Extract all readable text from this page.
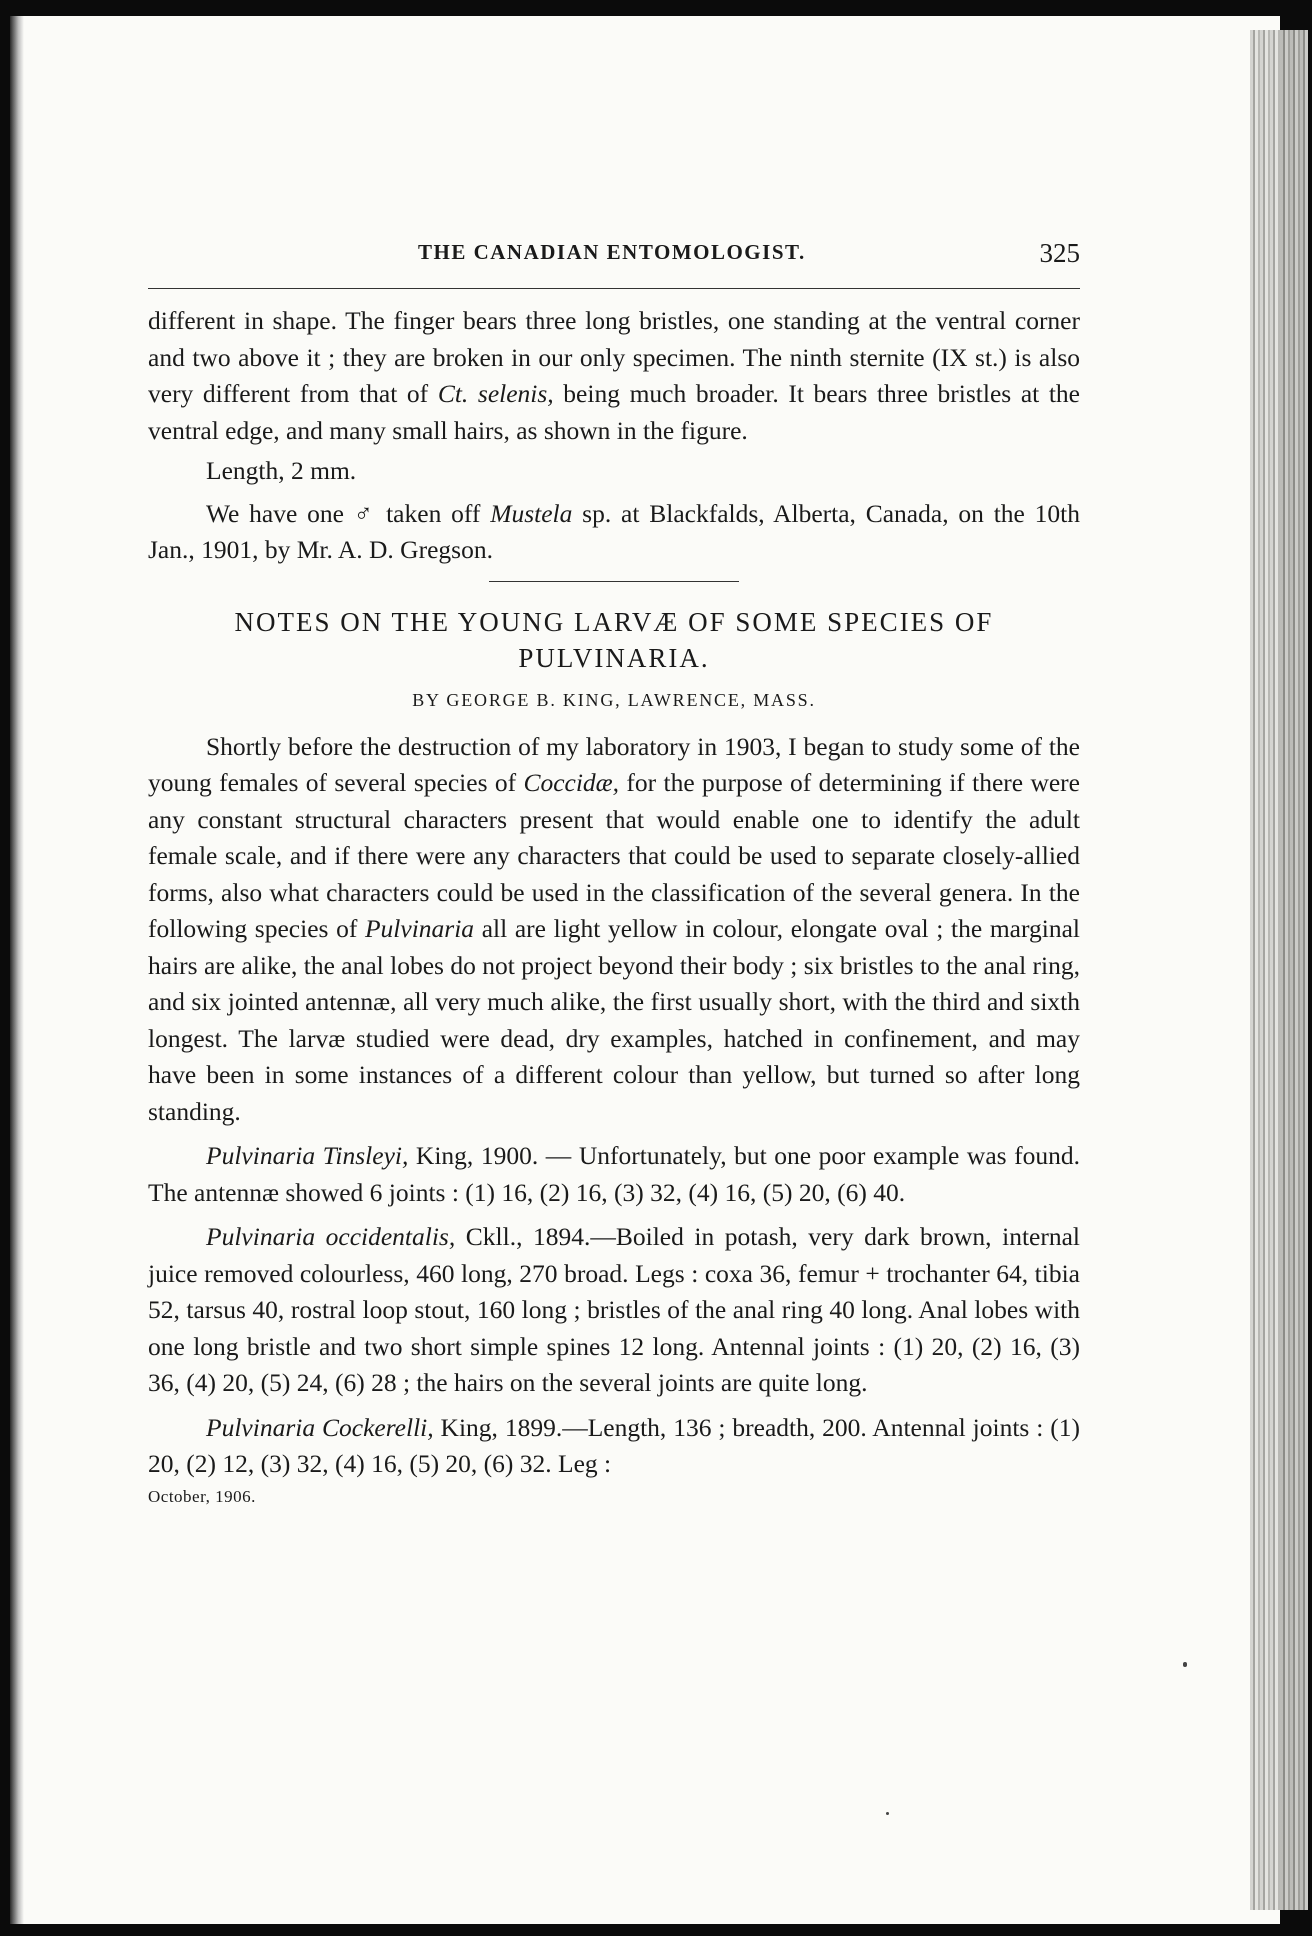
THE CANADIAN ENTOMOLOGIST.	325

different in shape. The finger bears three long bristles, one standing at the ventral corner and two above it ; they are broken in our only specimen. The ninth sternite (IX st.) is also very different from that of Ct. selenis, being much broader. It bears three bristles at the ventral edge, and many small hairs, as shown in the figure.

Length, 2 mm.

We have one ♂ taken off Mustela sp. at Blackfalds, Alberta, Canada, on the 10th Jan., 1901, by Mr. A. D. Gregson.

NOTES ON THE YOUNG LARVÆ OF SOME SPECIES OF PULVINARIA.
BY GEORGE B. KING, LAWRENCE, MASS.

Shortly before the destruction of my laboratory in 1903, I began to study some of the young females of several species of Coccidæ, for the purpose of determining if there were any constant structural characters present that would enable one to identify the adult female scale, and if there were any characters that could be used to separate closely-allied forms, also what characters could be used in the classification of the several genera. In the following species of Pulvinaria all are light yellow in colour, elongate oval ; the marginal hairs are alike, the anal lobes do not project beyond their body ; six bristles to the anal ring, and six jointed antennæ, all very much alike, the first usually short, with the third and sixth longest. The larvæ studied were dead, dry examples, hatched in confinement, and may have been in some instances of a different colour than yellow, but turned so after long standing.

Pulvinaria Tinsleyi, King, 1900. — Unfortunately, but one poor example was found. The antennæ showed 6 joints : (1) 16, (2) 16, (3) 32, (4) 16, (5) 20, (6) 40.

Pulvinaria occidentalis, Ckll., 1894.—Boiled in potash, very dark brown, internal juice removed colourless, 460 long, 270 broad. Legs : coxa 36, femur + trochanter 64, tibia 52, tarsus 40, rostral loop stout, 160 long ; bristles of the anal ring 40 long. Anal lobes with one long bristle and two short simple spines 12 long. Antennal joints : (1) 20, (2) 16, (3) 36, (4) 20, (5) 24, (6) 28 ; the hairs on the several joints are quite long.

Pulvinaria Cockerelli, King, 1899.—Length, 136 ; breadth, 200. Antennal joints : (1) 20, (2) 12, (3) 32, (4) 16, (5) 20, (6) 32. Leg :

October, 1906.
